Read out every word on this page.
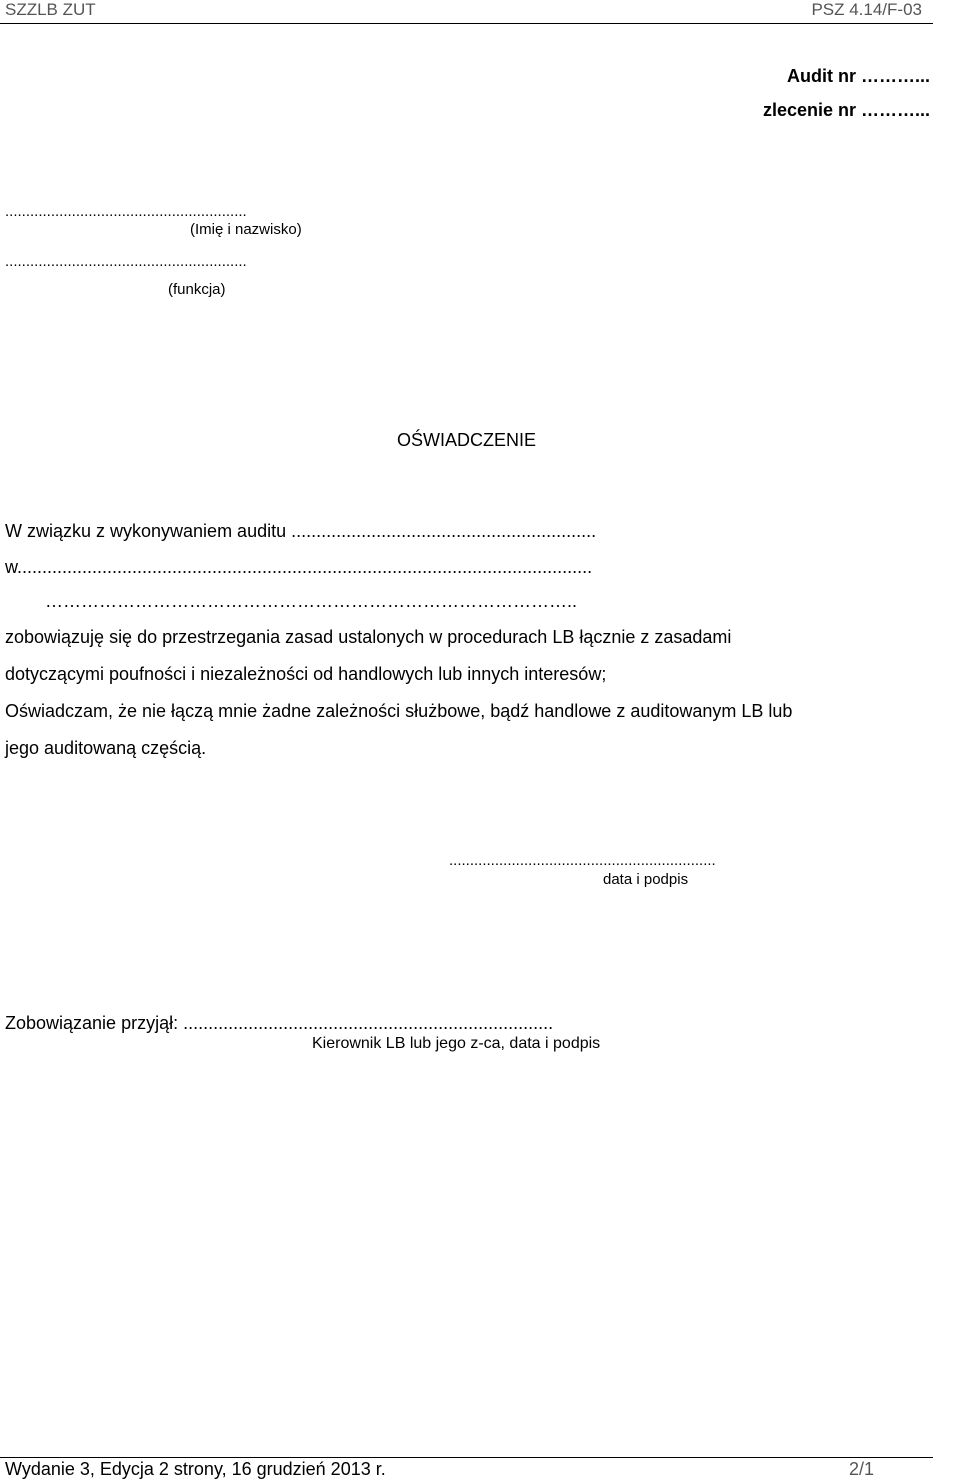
SZZLB ZUT	PSZ 4.14/F-03
Audit nr ………...
zlecenie nr ………...
..........................................................
(Imię i nazwisko)
..........................................................
(funkcja)
OŚWIADCZENIE
W związku z wykonywaniem auditu .............................................................
w...................................................................................................................
……………………………………………………………………………..
zobowiązuję się do przestrzegania zasad ustalonych w procedurach LB łącznie z zasadami
dotyczącymi poufności i niezależności od handlowych lub innych interesów;
Oświadczam, że nie łączą mnie żadne zależności służbowe, bądź handlowe z auditowanym LB lub
jego auditowaną częścią.
................................................................
data i podpis
Zobowiązanie przyjął: ..........................................................................
Kierownik LB lub jego z-ca, data i podpis
Wydanie 3, Edycja 2 strony, 16 grudzień 2013 r.	2/1
